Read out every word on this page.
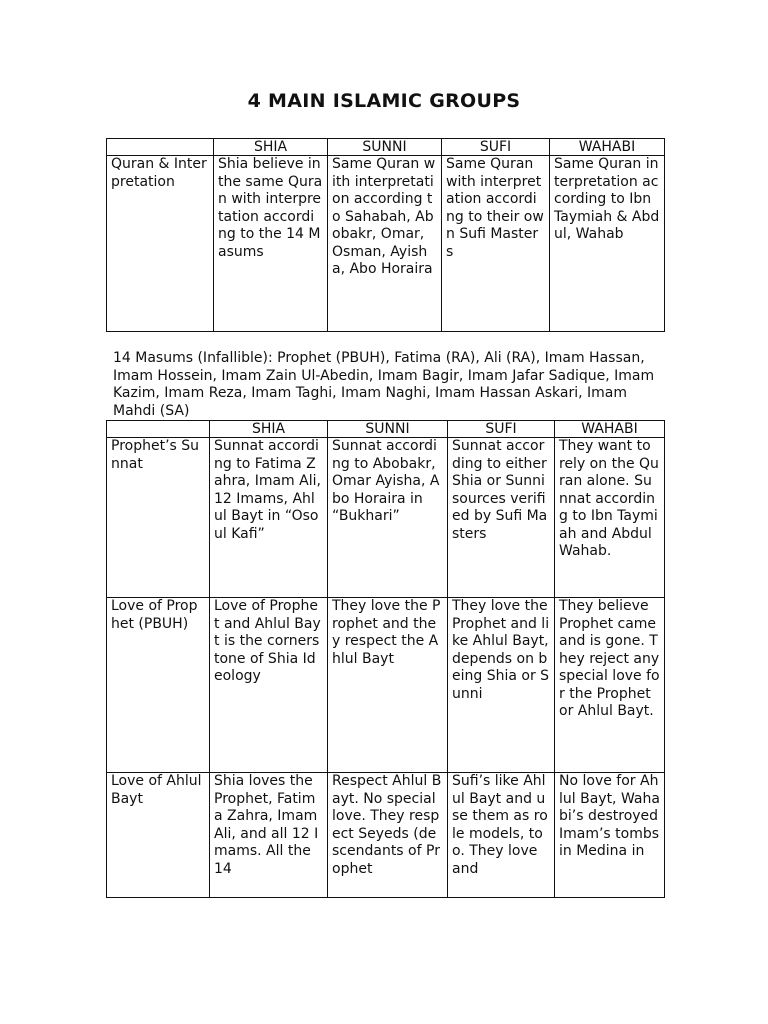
4 MAIN ISLAMIC GROUPS
	SHIA	SUNNI	SUFI	WAHABI
Quran & Interpretation	Shia believe in the same Quran with interpretation according to the 14 Masums	Same Quran with interpretation according to Sahabah, Abobakr, Omar, Osman, Ayisha, Abo Horaira	Same Quran with interpretation according to their own Sufi Masters	Same Quran interpretation according to Ibn Taymiah & Abdul, Wahab
14 Masums (Infallible): Prophet (PBUH), Fatima (RA), Ali (RA), Imam Hassan, Imam Hossein, Imam Zain Ul-Abedin, Imam Bagir, Imam Jafar Sadique, Imam Kazim, Imam Reza, Imam Taghi, Imam Naghi, Imam Hassan Askari, Imam Mahdi (SA)
	SHIA	SUNNI	SUFI	WAHABI
Prophet’s Sunnat	Sunnat according to Fatima Zahra, Imam Ali, 12 Imams, Ahlul Bayt in “Osoul Kafi”	Sunnat according to Abobakr, Omar Ayisha, Abo Horaira in “Bukhari”	Sunnat according to either Shia or Sunni sources verified by Sufi Masters	They want to rely on the Quran alone. Sunnat according to Ibn Taymiah and Abdul Wahab.
Love of Prophet (PBUH)	Love of Prophet and Ahlul Bayt is the cornerstone of Shia Ideology	They love the Prophet and they respect the Ahlul Bayt	They love the Prophet and like Ahlul Bayt, depends on being Shia or Sunni	They believe Prophet came and is gone. They reject any special love for the Prophet or Ahlul Bayt.

Love of Ahlul Bayt	Shia loves the Prophet, Fatima Zahra, Imam Ali, and all 12 Imams. All the 14	Respect Ahlul Bayt. No special love. They respect Seyeds (descendants of Prophet	Sufi’s like Ahlul Bayt and use them as role models, too. They love and	No love for Ahlul Bayt, Wahabi’s destroyed Imam’s tombs in Medina in
